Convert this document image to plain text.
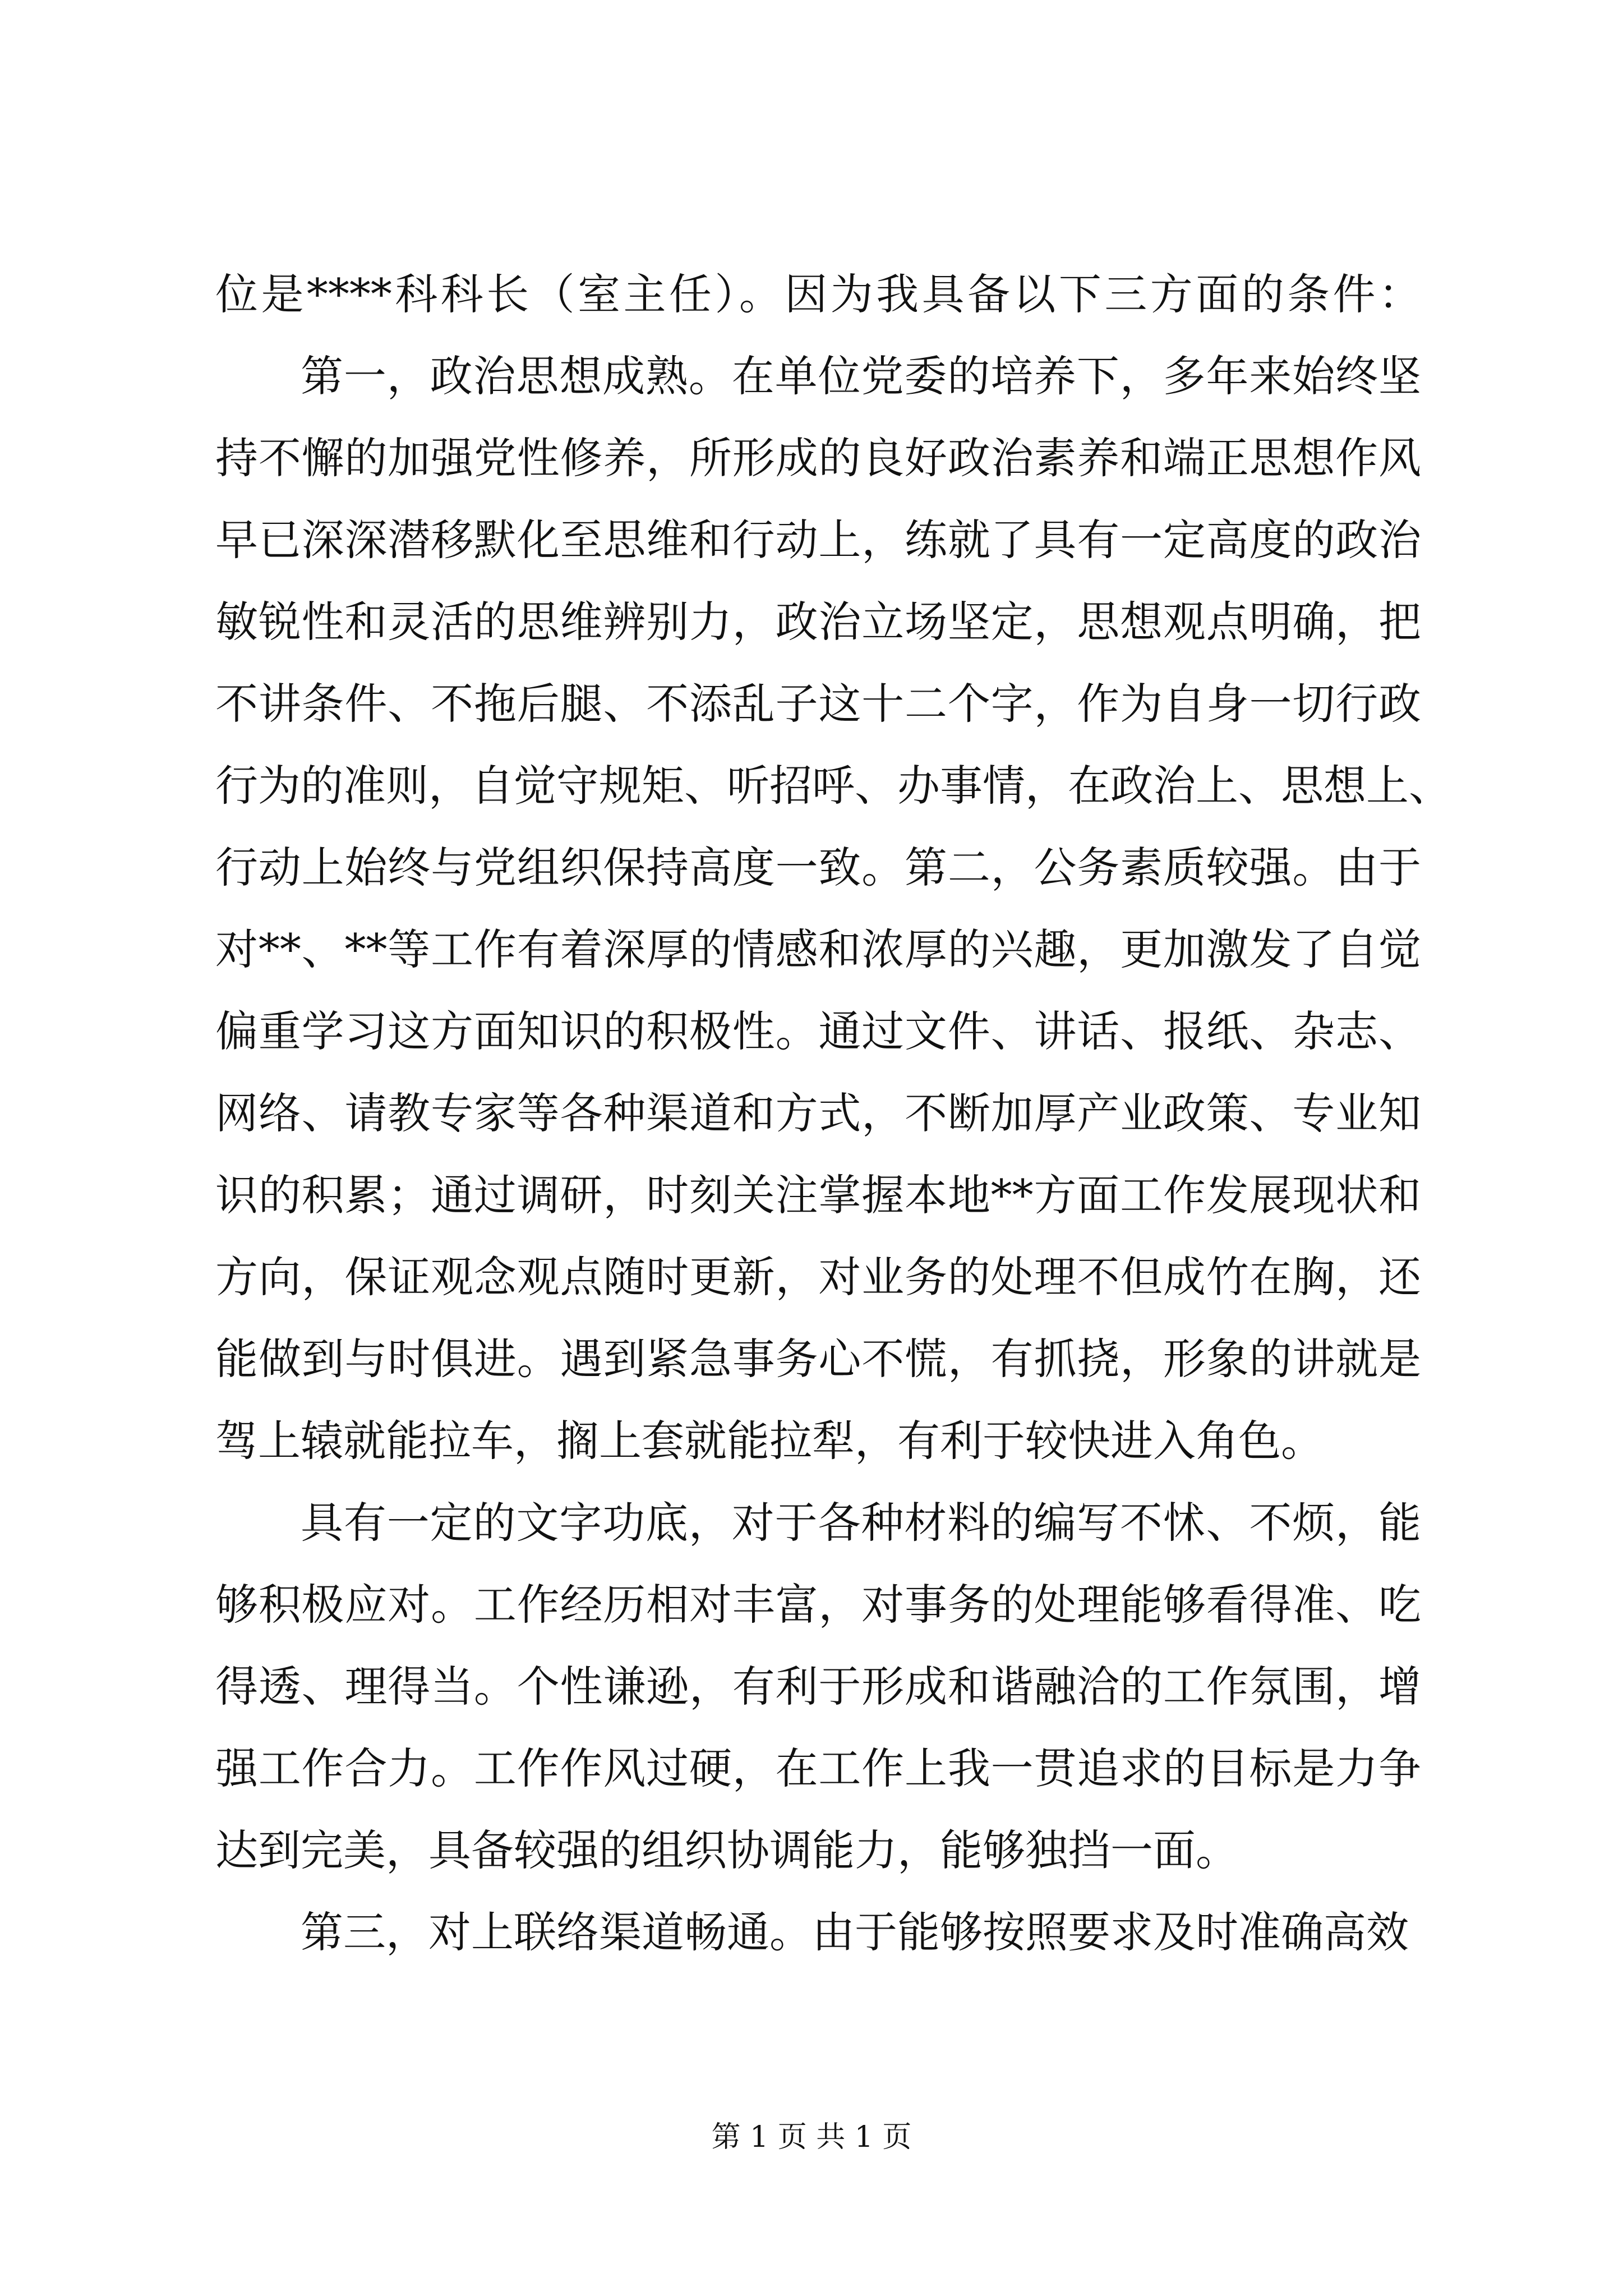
位是****科科长（室主任）。因为我具备以下三方面的条件：
第一，政治思想成熟。在单位党委的培养下，多年来始终坚
持不懈的加强党性修养，所形成的良好政治素养和端正思想作风
早已深深潜移默化至思维和行动上，练就了具有一定高度的政治
敏锐性和灵活的思维辨别力，政治立场坚定，思想观点明确，把
不讲条件、不拖后腿、不添乱子这十二个字，作为自身一切行政
行为的准则，自觉守规矩、听招呼、办事情，在政治上、思想上、
行动上始终与党组织保持高度一致。第二，公务素质较强。由于
对**、**等工作有着深厚的情感和浓厚的兴趣，更加激发了自觉
偏重学习这方面知识的积极性。通过文件、讲话、报纸、杂志、
网络、请教专家等各种渠道和方式，不断加厚产业政策、专业知
识的积累；通过调研，时刻关注掌握本地**方面工作发展现状和
方向，保证观念观点随时更新，对业务的处理不但成竹在胸，还
能做到与时俱进。遇到紧急事务心不慌，有抓挠，形象的讲就是
驾上辕就能拉车，搁上套就能拉犁，有利于较快进入角色。
具有一定的文字功底，对于各种材料的编写不怵、不烦，能
够积极应对。工作经历相对丰富，对事务的处理能够看得准、吃
得透、理得当。个性谦逊，有利于形成和谐融洽的工作氛围，增
强工作合力。工作作风过硬，在工作上我一贯追求的目标是力争
达到完美，具备较强的组织协调能力，能够独挡一面。
第三，对上联络渠道畅通。由于能够按照要求及时准确高效
第 1 页 共 1 页
